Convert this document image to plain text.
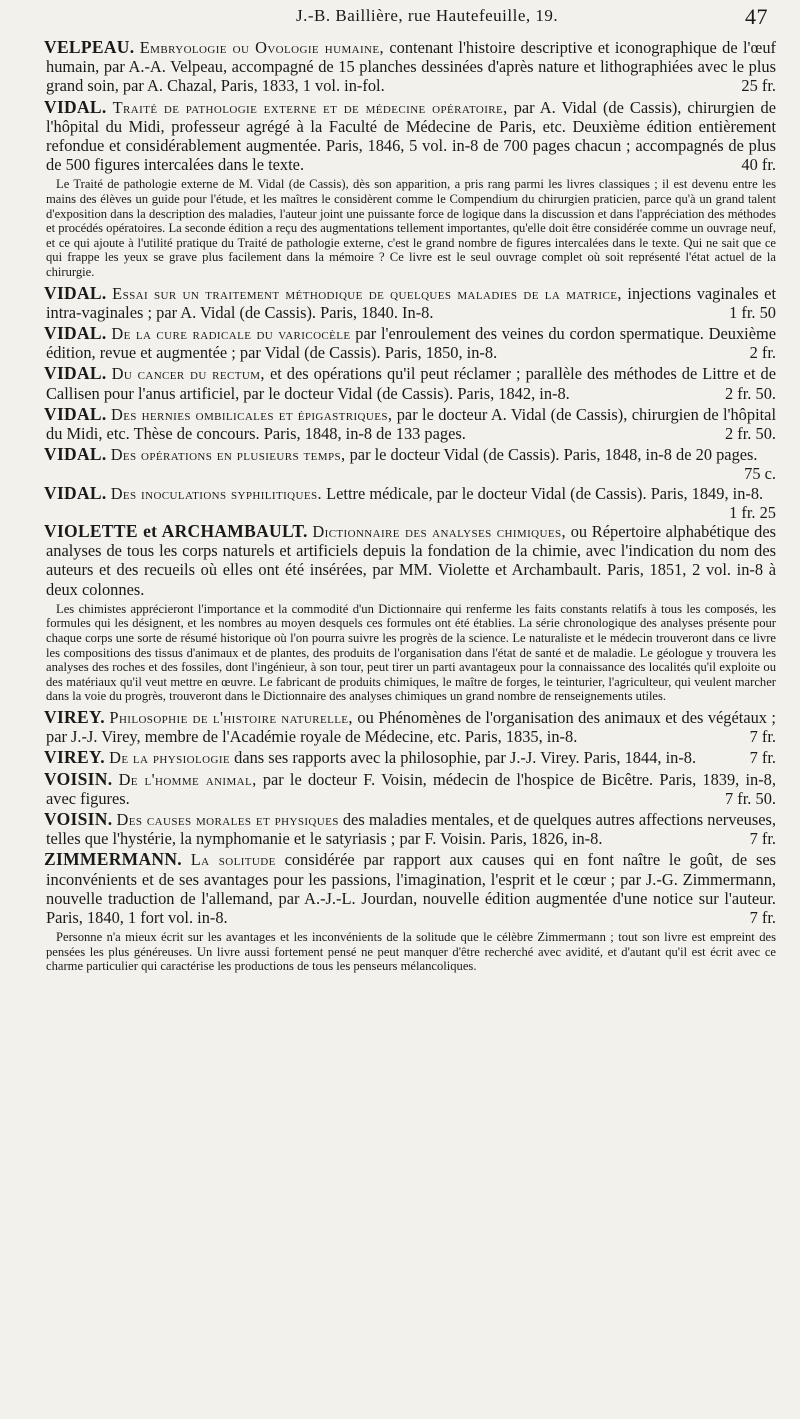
J.-B. Baillière, rue Hautefeuille, 19.	47

VELPEAU. Embryologie ou Ovologie humaine, contenant l'histoire descriptive et iconographique de l'œuf humain, par A.-A. Velpeau, accompagné de 15 planches dessinées d'après nature et lithographiées avec le plus grand soin, par A. Chazal, Paris, 1833, 1 vol. in-fol.	25 fr.

VIDAL. Traité de pathologie externe et de médecine opératoire, par A. Vidal (de Cassis), chirurgien de l'hôpital du Midi, professeur agrégé à la Faculté de Médecine de Paris, etc. Deuxième édition entièrement refondue et considérablement augmentée. Paris, 1846, 5 vol. in-8 de 700 pages chacun ; accompagnés de plus de 500 figures intercalées dans le texte.	40 fr.

Le Traité de pathologie externe de M. Vidal (de Cassis), dès son apparition, a pris rang parmi les livres classiques ; il est devenu entre les mains des élèves un guide pour l'étude, et les maîtres le considèrent comme le Compendium du chirurgien praticien, parce qu'à un grand talent d'exposition dans la description des maladies, l'auteur joint une puissante force de logique dans la discussion et dans l'appréciation des méthodes et procédés opératoires. La seconde édition a reçu des augmentations tellement importantes, qu'elle doit être considérée comme un ouvrage neuf, et ce qui ajoute à l'utilité pratique du Traité de pathologie externe, c'est le grand nombre de figures intercalées dans le texte. Qui ne sait que ce qui frappe les yeux se grave plus facilement dans la mémoire ? Ce livre est le seul ouvrage complet où soit représenté l'état actuel de la chirurgie.

VIDAL. Essai sur un traitement méthodique de quelques maladies de la matrice, injections vaginales et intra-vaginales ; par A. Vidal (de Cassis). Paris, 1840. In-8.	1 fr. 50

VIDAL. De la cure radicale du varicocèle par l'enroulement des veines du cordon spermatique. Deuxième édition, revue et augmentée ; par Vidal (de Cassis). Paris, 1850, in-8.	2 fr.

VIDAL. Du cancer du rectum, et des opérations qu'il peut réclamer ; parallèle des méthodes de Littre et de Callisen pour l'anus artificiel, par le docteur Vidal (de Cassis). Paris, 1842, in-8.	2 fr. 50.

VIDAL. Des hernies ombilicales et épigastriques, par le docteur A. Vidal (de Cassis), chirurgien de l'hôpital du Midi, etc. Thèse de concours. Paris, 1848, in-8 de 133 pages.	2 fr. 50.

VIDAL. Des opérations en plusieurs temps, par le docteur Vidal (de Cassis). Paris, 1848, in-8 de 20 pages.
75 c.

VIDAL. Des inoculations syphilitiques. Lettre médicale, par le docteur Vidal (de Cassis). Paris, 1849, in-8.
1 fr. 25

VIOLETTE et ARCHAMBAULT. Dictionnaire des analyses chimiques, ou Répertoire alphabétique des analyses de tous les corps naturels et artificiels depuis la fondation de la chimie, avec l'indication du nom des auteurs et des recueils où elles ont été insérées, par MM. Violette et Archambault. Paris, 1851, 2 vol. in-8 à deux colonnes.

Les chimistes apprécieront l'importance et la commodité d'un Dictionnaire qui renferme les faits constants relatifs à tous les composés, les formules qui les désignent, et les nombres au moyen desquels ces formules ont été établies. La série chronologique des analyses présente pour chaque corps une sorte de résumé historique où l'on pourra suivre les progrès de la science. Le naturaliste et le médecin trouveront dans ce livre les compositions des tissus d'animaux et de plantes, des produits de l'organisation dans l'état de santé et de maladie. Le géologue y trouvera les analyses des roches et des fossiles, dont l'ingénieur, à son tour, peut tirer un parti avantageux pour la connaissance des localités qu'il exploite ou des matériaux qu'il veut mettre en œuvre. Le fabricant de produits chimiques, le maître de forges, le teinturier, l'agriculteur, qui veulent marcher dans la voie du progrès, trouveront dans le Dictionnaire des analyses chimiques un grand nombre de renseignements utiles.

VIREY. Philosophie de l'histoire naturelle, ou Phénomènes de l'organisation des animaux et des végétaux ; par J.-J. Virey, membre de l'Académie royale de Médecine, etc. Paris, 1835, in-8.	7 fr.

VIREY. De la physiologie dans ses rapports avec la philosophie, par J.-J. Virey. Paris, 1844, in-8.	7 fr.

VOISIN. De l'homme animal, par le docteur F. Voisin, médecin de l'hospice de Bicêtre. Paris, 1839, in-8, avec figures.	7 fr. 50.

VOISIN. Des causes morales et physiques des maladies mentales, et de quelques autres affections nerveuses, telles que l'hystérie, la nymphomanie et le satyriasis ; par F. Voisin. Paris, 1826, in-8.	7 fr.

ZIMMERMANN. La solitude considérée par rapport aux causes qui en font naître le goût, de ses inconvénients et de ses avantages pour les passions, l'imagination, l'esprit et le cœur ; par J.-G. Zimmermann, nouvelle traduction de l'allemand, par A.-J.-L. Jourdan, nouvelle édition augmentée d'une notice sur l'auteur. Paris, 1840, 1 fort vol. in-8.	7 fr.

Personne n'a mieux écrit sur les avantages et les inconvénients de la solitude que le célèbre Zimmermann ; tout son livre est empreint des pensées les plus généreuses. Un livre aussi fortement pensé ne peut manquer d'être recherché avec avidité, et d'autant qu'il est écrit avec ce charme particulier qui caractérise les productions de tous les penseurs mélancoliques.
